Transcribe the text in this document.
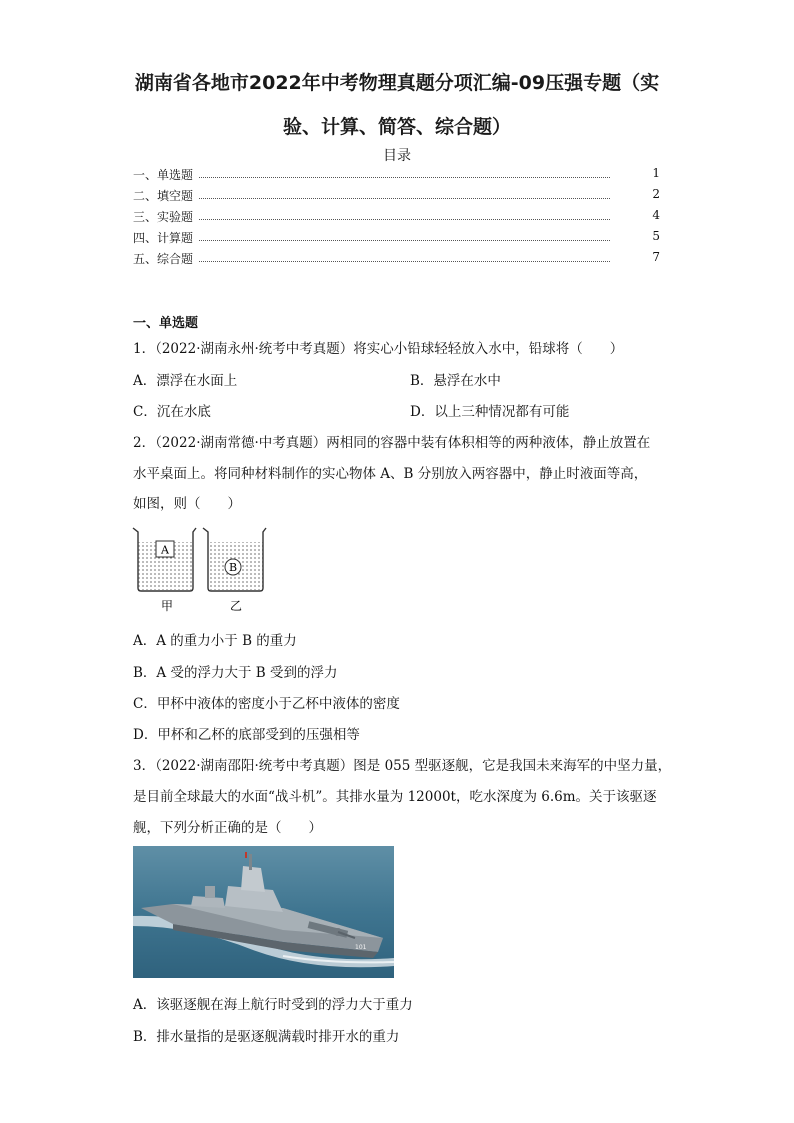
湖南省各地市2022年中考物理真题分项汇编-09压强专题（实
验、计算、简答、综合题）
目录
一、单选题	1
二、填空题	2
三、实验题	4
四、计算题	5
五、综合题	7
一、单选题
1．（2022·湖南永州·统考中考真题）将实心小铅球轻轻放入水中，铅球将（　　）
A．漂浮在水面上	B．悬浮在水中
C．沉在水底	D．以上三种情况都有可能
2．（2022·湖南常德·中考真题）两相同的容器中装有体积相等的两种液体，静止放置在
水平桌面上。将同种材料制作的实心物体 A、B 分别放入两容器中，静止时液面等高，
如图，则（　　）
A
B
甲	乙
A．A 的重力小于 B 的重力
B．A 受的浮力大于 B 受到的浮力
C．甲杯中液体的密度小于乙杯中液体的密度
D．甲杯和乙杯的底部受到的压强相等
3．（2022·湖南邵阳·统考中考真题）图是 055 型驱逐舰，它是我国未来海军的中坚力量，
是目前全球最大的水面“战斗机”。其排水量为 12000t，吃水深度为 6.6m。关于该驱逐
舰，下列分析正确的是（　　）
101
A．该驱逐舰在海上航行时受到的浮力大于重力
B．排水量指的是驱逐舰满载时排开水的重力
